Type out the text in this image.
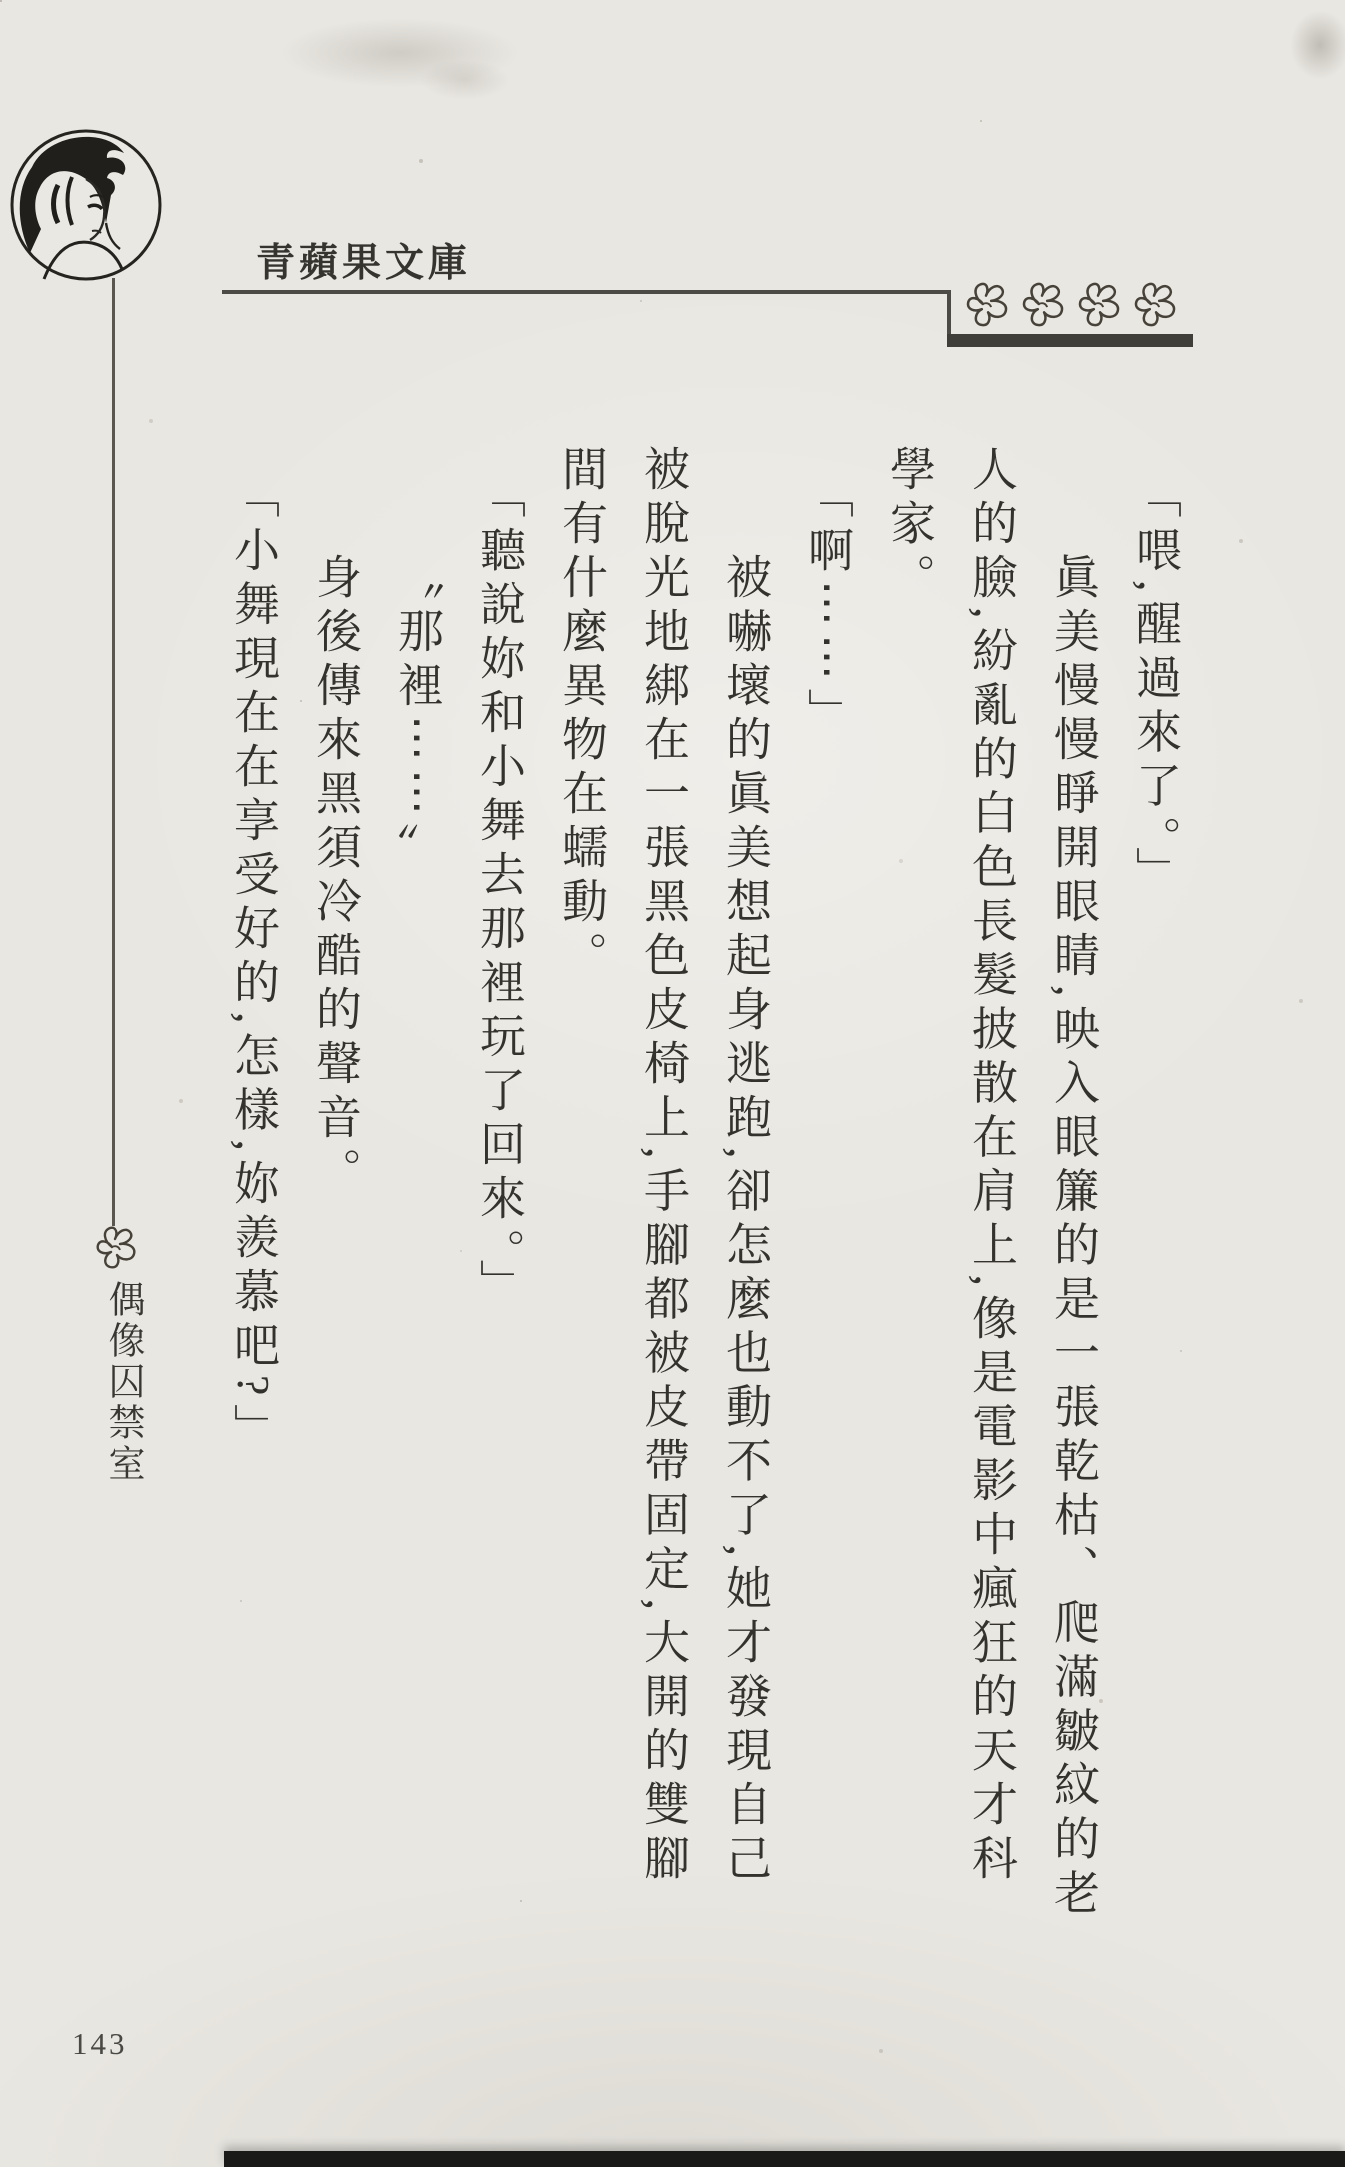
青蘋果文庫
偶像囚禁室
「喂,醒過來了。」
眞美慢慢睜開眼睛,映入眼簾的是一張乾枯、爬滿皺紋的老
人的臉,紛亂的白色長髮披散在肩上,像是電影中瘋狂的天才科
學家。
「啊⋯⋯」
被嚇壞的眞美想起身逃跑,卻怎麼也動不了,她才發現自己
被脫光地綁在一張黑色皮椅上,手腳都被皮帶固定,大開的雙腳
間有什麼異物在蠕動。
「聽說妳和小舞去那裡玩了回來。」
〝那裡⋯⋯〞
身後傳來黑須冷酷的聲音。
「小舞現在在享受好的,怎樣,妳羨慕吧?」
143
